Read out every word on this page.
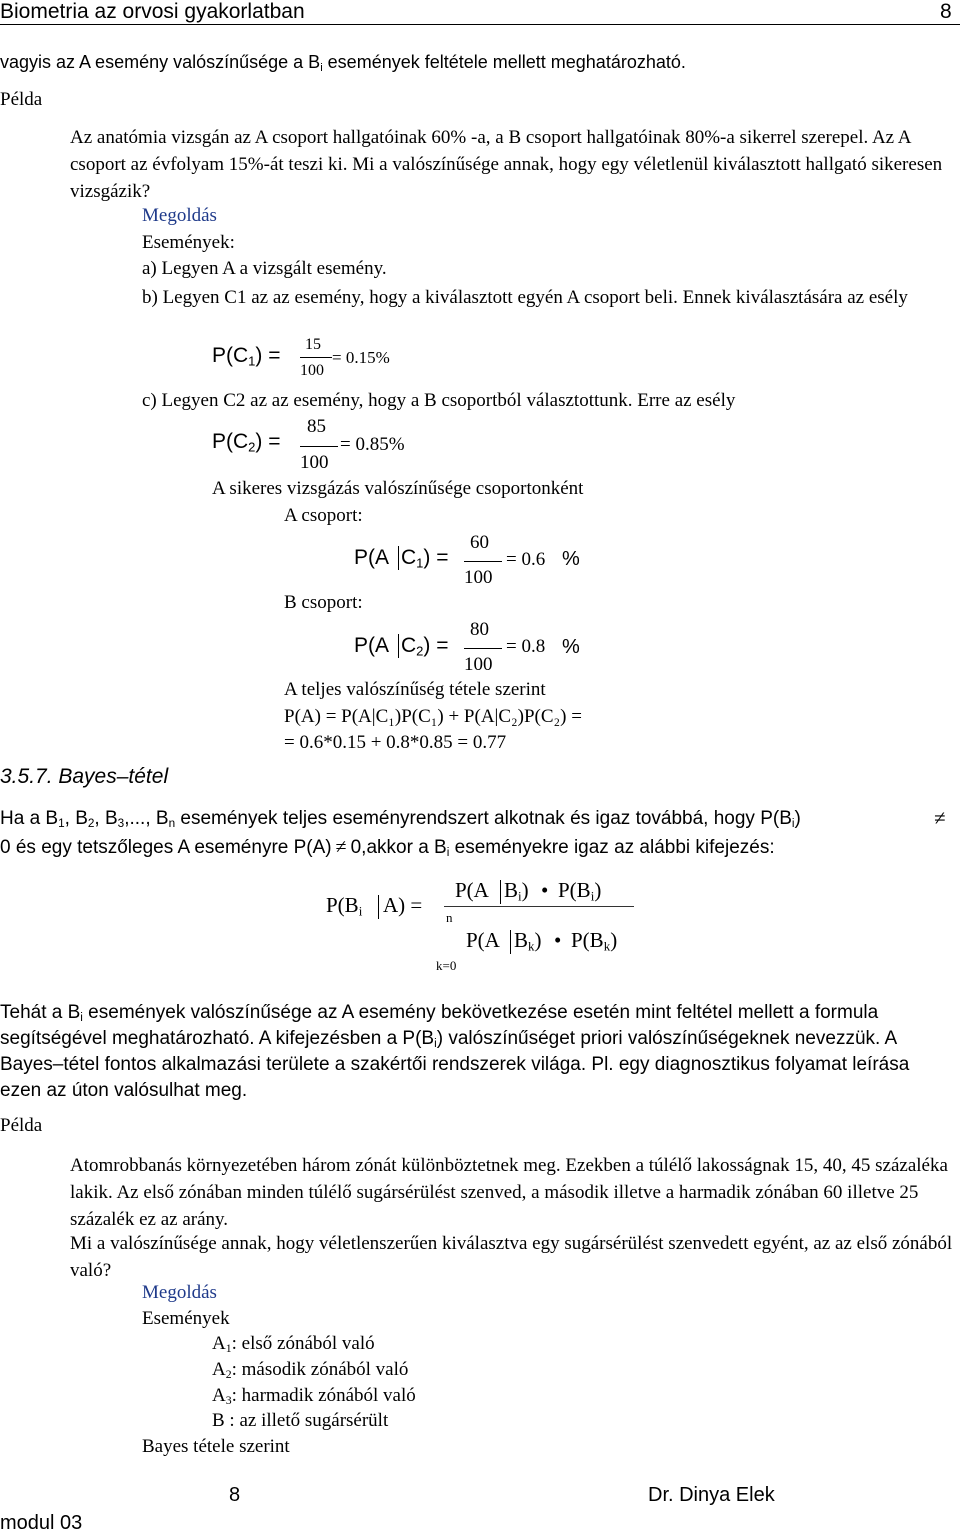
Biometria az orvosi gyakorlatban	8
vagyis az A esemény valószínűsége a $B_i$ események feltétele mellett meghatározható.
Példa

Az anatómia vizsgán az A csoport hallgatóinak 60% -a, a B csoport hallgatóinak 80%-a sikerrel szerepel. Az A csoport az évfolyam 15%-át teszi ki. Mi a valószínűsége annak, hogy egy véletlenül kiválasztott hallgató sikeresen vizsgázik?

Megoldás
Események:
a) Legyen A a vizsgált esemény.
b) Legyen C1 az az esemény, hogy a kiválasztott egyén A csoport beli. Ennek kiválasztására az esély
$P(C_1) = 15$
100
= 0.15%
c) Legyen C2 az az esemény, hogy a B csoportból választottunk. Erre az esély
$P(C_2)$ =
85
100
= 0.85%
A sikeres vizsgázás valószínűsége csoportonként
A csoport:
P(A $C_1$) =
60
100
= 0.6 %
B csoport:
P(A $C_2$) =
80
100
= 0.8 %
A teljes valószínűség tétele szerint
P(A) = P(A|C₁)P(C₁) + P(A|C₂)P(C₂) =
= 0.6*0.15 + 0.8*0.85 = 0.77
3.5.7. Bayes–tétel
Ha a $B_1$, $B_2$, $B_3$,..., $B_n$ események teljes eseményrendszert alkotnak és igaz továbbá, hogy $P(B_i)$	≠
0 és egy tetszőleges A eseményre P(A) ≠ 0,akkor a $B_i$ eseményekre igaz az alábbi kifejezés:
$P(B_i$ A) =
P(A $B_i$) • $P(B_i)$
n
P(A $B_k$) • $P(B_k)$
k=0

Tehát a $B_i$ események valószínűsége az A esemény bekövetkezése esetén mint feltétel mellett a formula segítségével meghatározható. A kifejezésben a $P(B_i)$ valószínűséget priori valószínűségeknek nevezzük. A Bayes–tétel fontos alkalmazási területe a szakértői rendszerek világa. Pl. egy diagnosztikus folyamat leírása ezen az úton valósulhat meg.

Példa
Atomrobbanás környezetében három zónát különböztetnek meg. Ezekben a túlélő lakosságnak 15, 40, 45 százaléka lakik. Az első zónában minden túlélő sugársérülést szenved, a második illetve a harmadik zónában 60 illetve 25 százalék ez az arány.
Mi a valószínűsége annak, hogy véletlenszerűen kiválasztva egy sugársérülést szenvedett egyént, az az első zónából való?
Megoldás
Események
$A_1$: első zónából való
$A_2$: második zónából való
$A_3$: harmadik zónából való
B : az illető sugársérült
Bayes tétele szerint
modul 03
8	Dr. Dinya Elek
